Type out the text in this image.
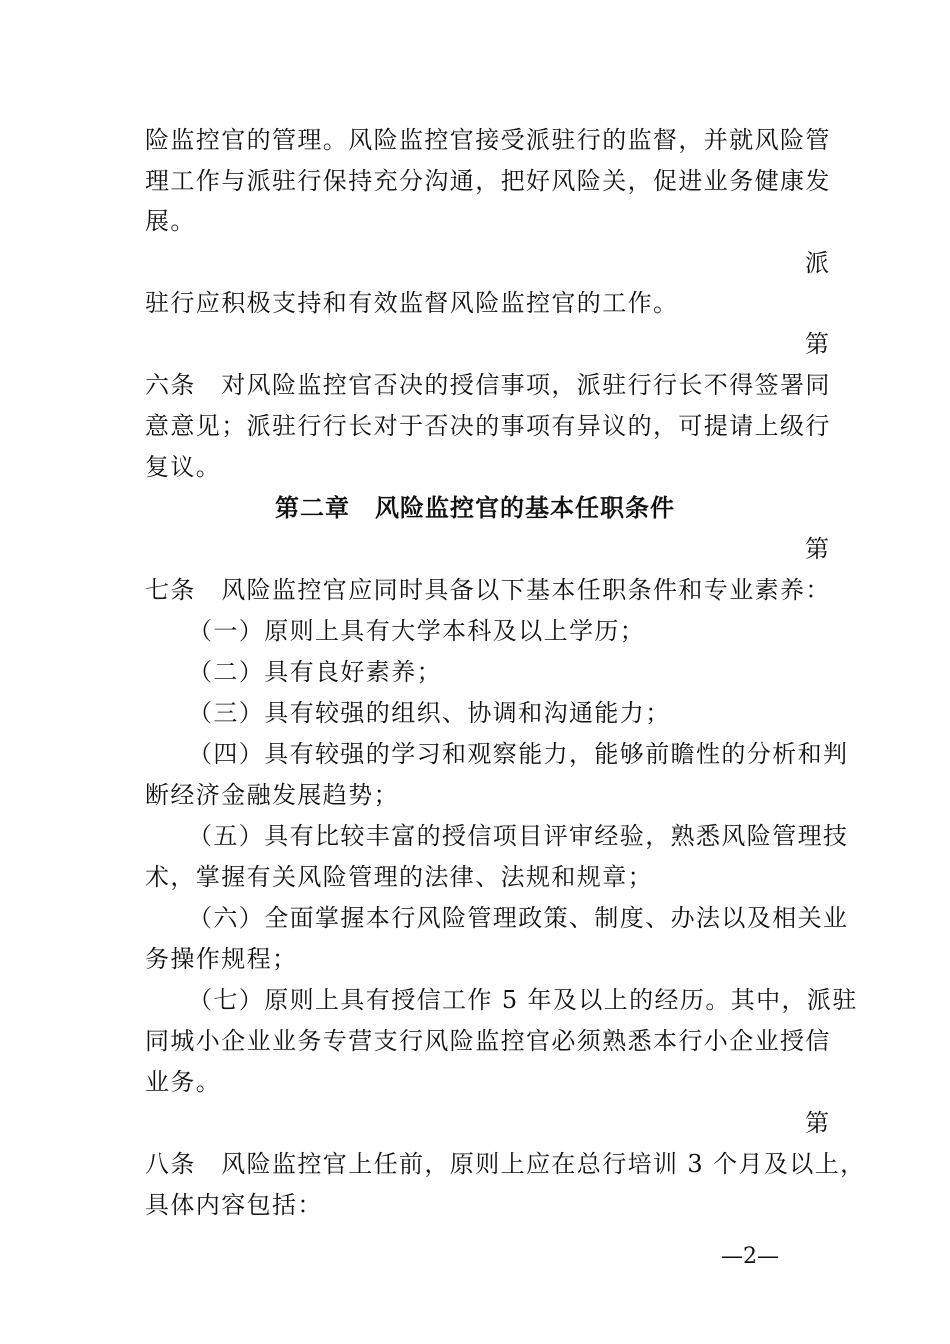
险监控官的管理。风险监控官接受派驻行的监督，并就风险管
理工作与派驻行保持充分沟通，把好风险关，促进业务健康发
展。
派
驻行应积极支持和有效监督风险监控官的工作。
第
六条　对风险监控官否决的授信事项，派驻行行长不得签署同
意意见；派驻行行长对于否决的事项有异议的，可提请上级行
复议。
第二章　风险监控官的基本任职条件
第
七条　风险监控官应同时具备以下基本任职条件和专业素养：
（一）原则上具有大学本科及以上学历；
（二）具有良好素养；
（三）具有较强的组织、协调和沟通能力；
（四）具有较强的学习和观察能力，能够前瞻性的分析和判
断经济金融发展趋势；
（五）具有比较丰富的授信项目评审经验，熟悉风险管理技
术，掌握有关风险管理的法律、法规和规章；
（六）全面掌握本行风险管理政策、制度、办法以及相关业
务操作规程；
（七）原则上具有授信工作 5 年及以上的经历。其中，派驻
同城小企业业务专营支行风险监控官必须熟悉本行小企业授信
业务。
第
八条　风险监控官上任前，原则上应在总行培训 3 个月及以上，
具体内容包括：
—2—
